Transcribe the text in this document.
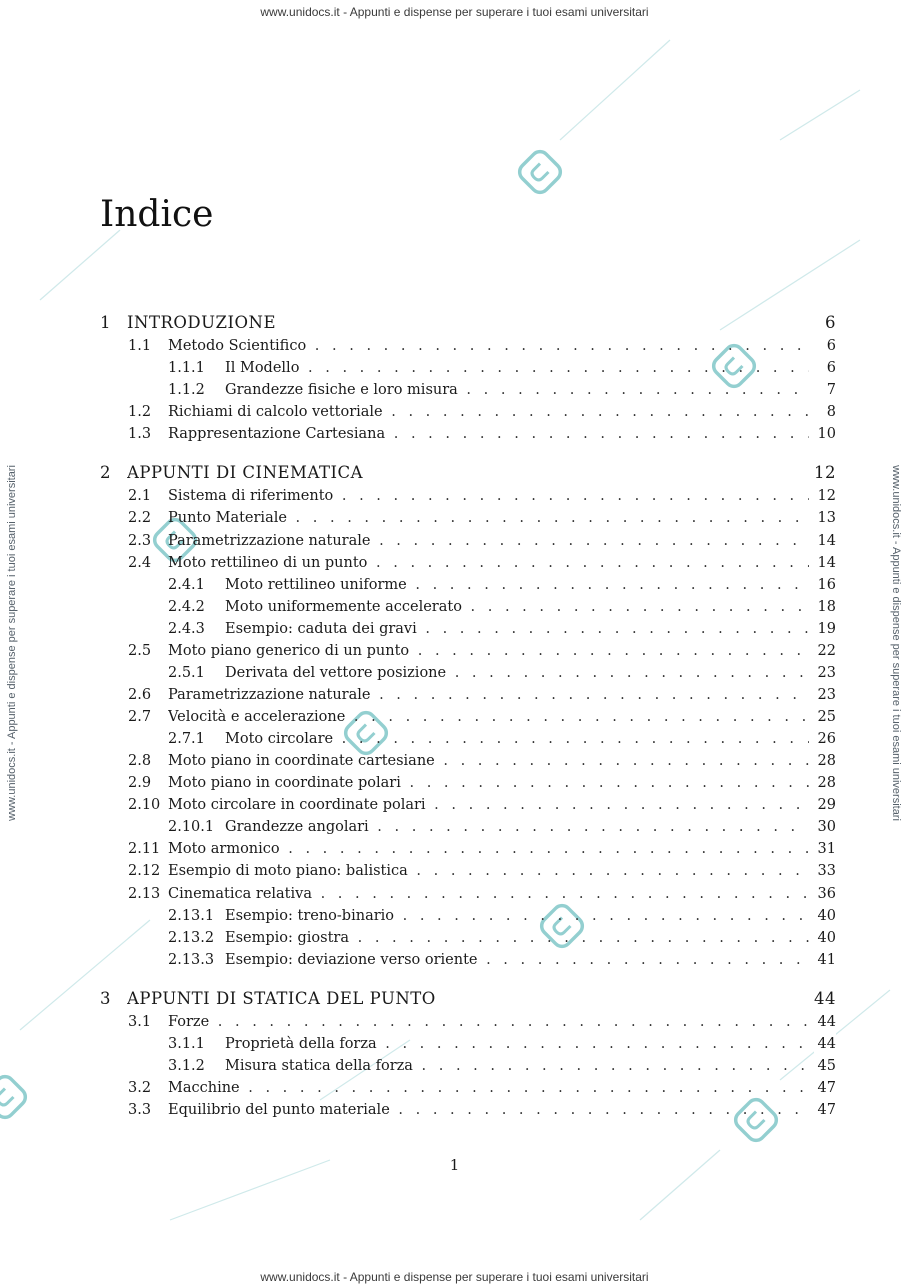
www.unidocs.it - Appunti e dispense per superare i tuoi esami universitari
www.unidocs.it - Appunti e dispense per superare i tuoi esami universitari
www.unidocs.it - Appunti e dispense per superare i tuoi esami universitari	www.unidocs.it - Appunti e dispense per superare i tuoi esami universitari
Indice
1 INTRODUZIONE	6
1.1 Metodo Scientifico . . .	6
1.1.1 Il Modello . . .	6
1.1.2 Grandezze fisiche e loro misura . . .	7
1.2 Richiami di calcolo vettoriale . . .	8
1.3 Rappresentazione Cartesiana . . .	10
2 APPUNTI DI CINEMATICA	12
2.1 Sistema di riferimento . . .	12
2.2 Punto Materiale . . .	13
2.3 Parametrizzazione naturale . . .	14
2.4 Moto rettilineo di un punto . . .	14
2.4.1 Moto rettilineo uniforme . . .	16
2.4.2 Moto uniformemente accelerato . . .	18
2.4.3 Esempio: caduta dei gravi . . .	19
2.5 Moto piano generico di un punto . . .	22
2.5.1 Derivata del vettore posizione . . .	23
2.6 Parametrizzazione naturale . . .	23
2.7 Velocità e accelerazione . . .	25
2.7.1 Moto circolare . . .	26
2.8 Moto piano in coordinate cartesiane . . .	28
2.9 Moto piano in coordinate polari . . .	28
2.10 Moto circolare in coordinate polari . . .	29
2.10.1 Grandezze angolari . . .	30
2.11 Moto armonico . . .	31
2.12 Esempio di moto piano: balistica . . .	33
2.13 Cinematica relativa . . .	36
2.13.1 Esempio: treno-binario . . .	40
2.13.2 Esempio: giostra . . .	40
2.13.3 Esempio: deviazione verso oriente . . .	41
3 APPUNTI DI STATICA DEL PUNTO	44
3.1 Forze . . .	44
3.1.1 Proprietà della forza . . .	44
3.1.2 Misura statica della forza . . .	45
3.2 Macchine . . .	47
3.3 Equilibrio del punto materiale . . .	47
1
